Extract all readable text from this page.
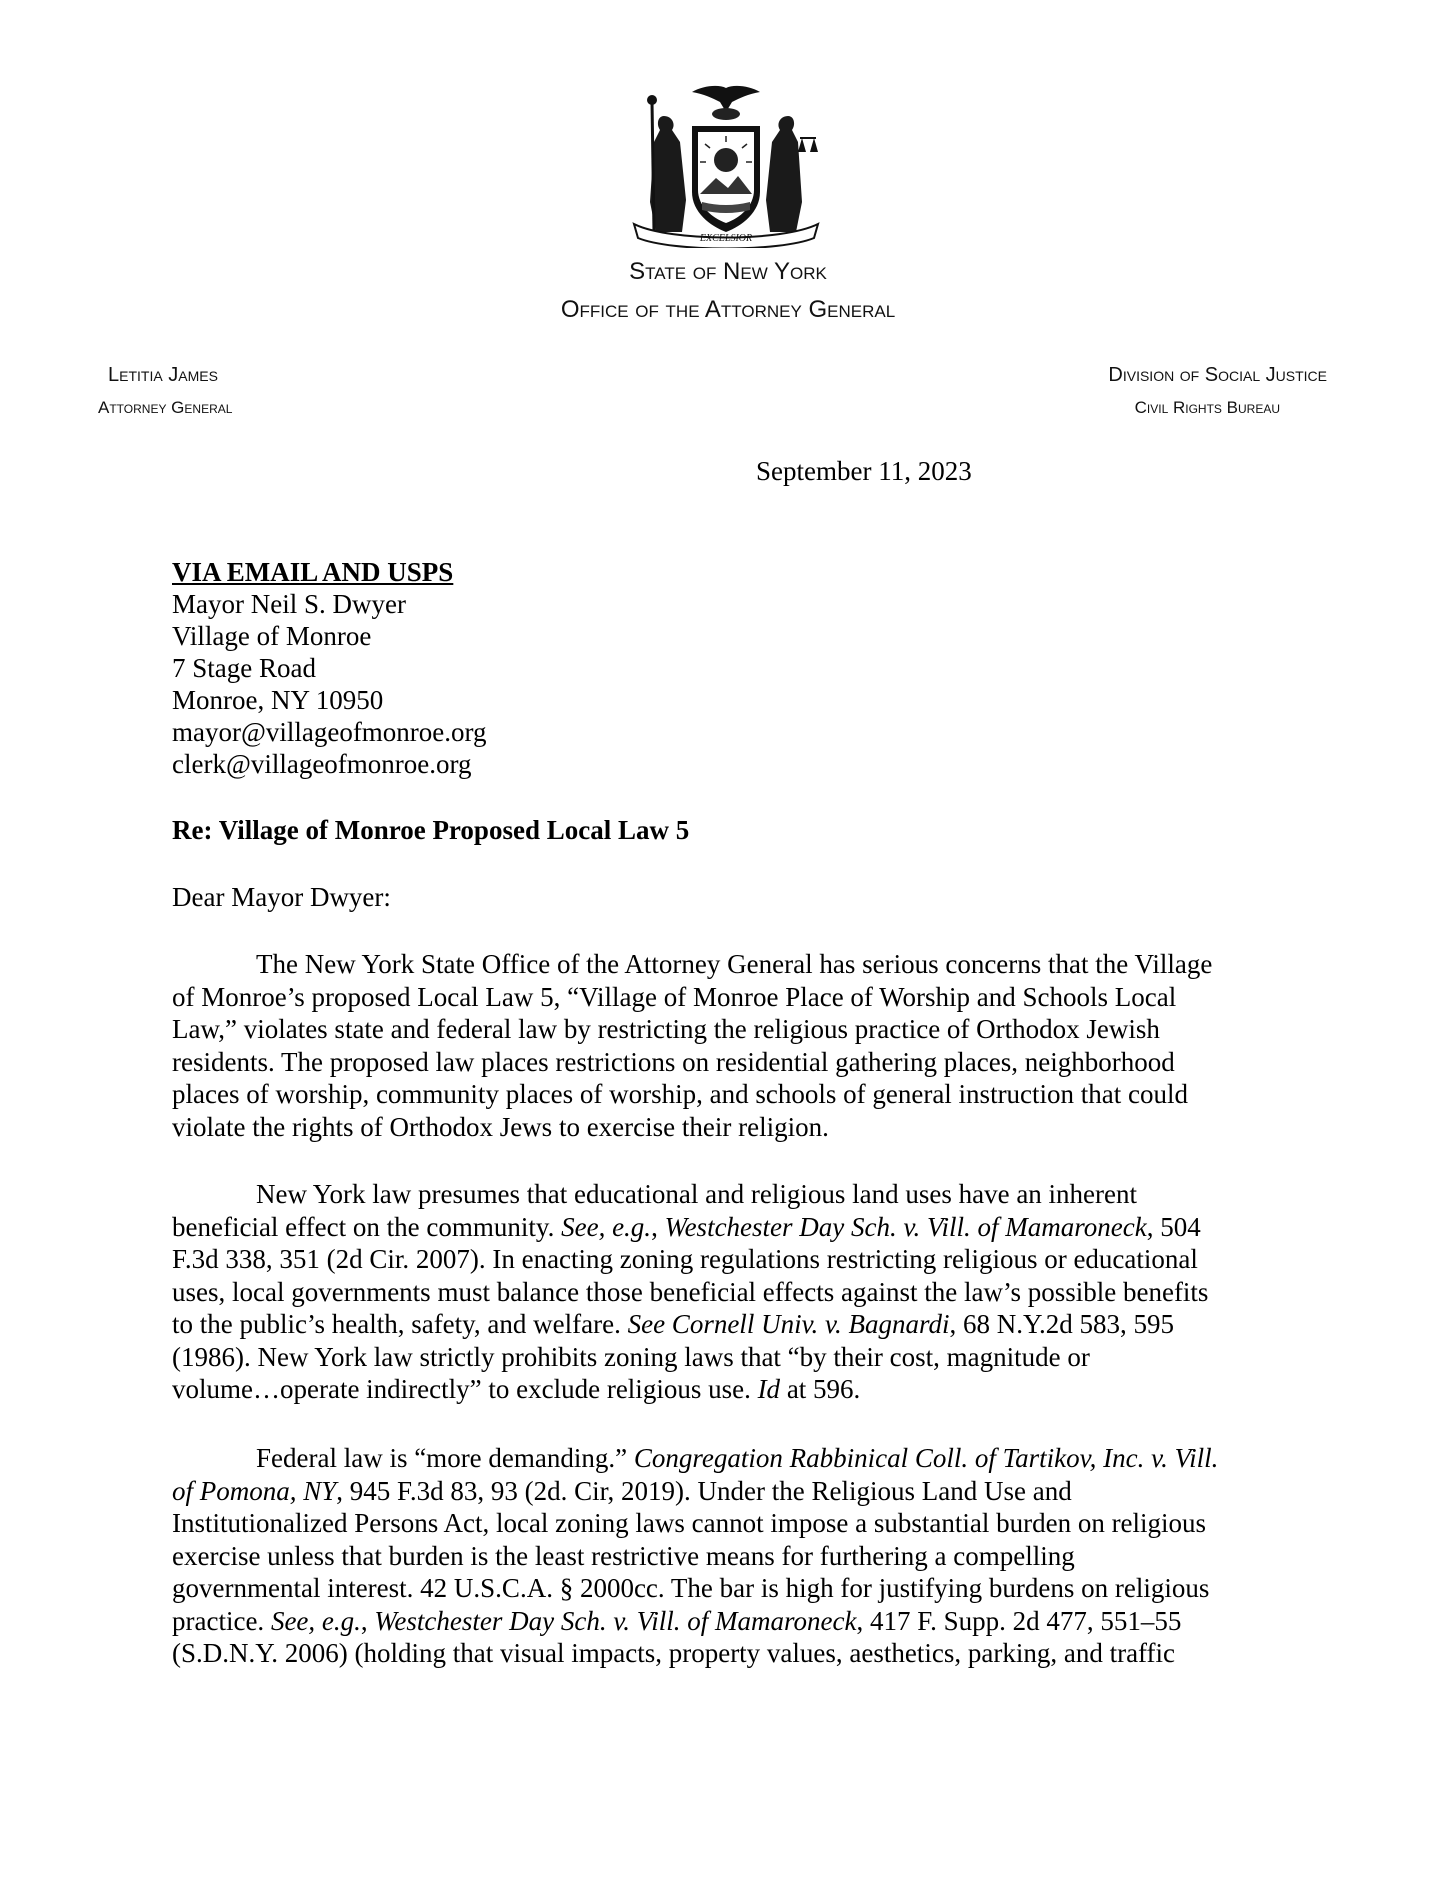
EXCELSIOR
State of New York
Office of the Attorney General
Letitia James
Attorney General
Division of Social Justice
Civil Rights Bureau
September 11, 2023
VIA EMAIL AND USPS
Mayor Neil S. Dwyer
Village of Monroe
7 Stage Road
Monroe, NY 10950
mayor@villageofmonroe.org
clerk@villageofmonroe.org
Re: Village of Monroe Proposed Local Law 5
Dear Mayor Dwyer:
The New York State Office of the Attorney General has serious concerns that the Village
of Monroe’s proposed Local Law 5, “Village of Monroe Place of Worship and Schools Local
Law,” violates state and federal law by restricting the religious practice of Orthodox Jewish
residents. The proposed law places restrictions on residential gathering places, neighborhood
places of worship, community places of worship, and schools of general instruction that could
violate the rights of Orthodox Jews to exercise their religion.
New York law presumes that educational and religious land uses have an inherent
beneficial effect on the community. See, e.g., Westchester Day Sch. v. Vill. of Mamaroneck, 504
F.3d 338, 351 (2d Cir. 2007). In enacting zoning regulations restricting religious or educational
uses, local governments must balance those beneficial effects against the law’s possible benefits
to the public’s health, safety, and welfare. See Cornell Univ. v. Bagnardi, 68 N.Y.2d 583, 595
(1986). New York law strictly prohibits zoning laws that “by their cost, magnitude or
volume…operate indirectly” to exclude religious use. Id at 596.
Federal law is “more demanding.” Congregation Rabbinical Coll. of Tartikov, Inc. v. Vill.
of Pomona, NY, 945 F.3d 83, 93 (2d. Cir, 2019). Under the Religious Land Use and
Institutionalized Persons Act, local zoning laws cannot impose a substantial burden on religious
exercise unless that burden is the least restrictive means for furthering a compelling
governmental interest. 42 U.S.C.A. § 2000cc. The bar is high for justifying burdens on religious
practice. See, e.g., Westchester Day Sch. v. Vill. of Mamaroneck, 417 F. Supp. 2d 477, 551–55
(S.D.N.Y. 2006) (holding that visual impacts, property values, aesthetics, parking, and traffic
